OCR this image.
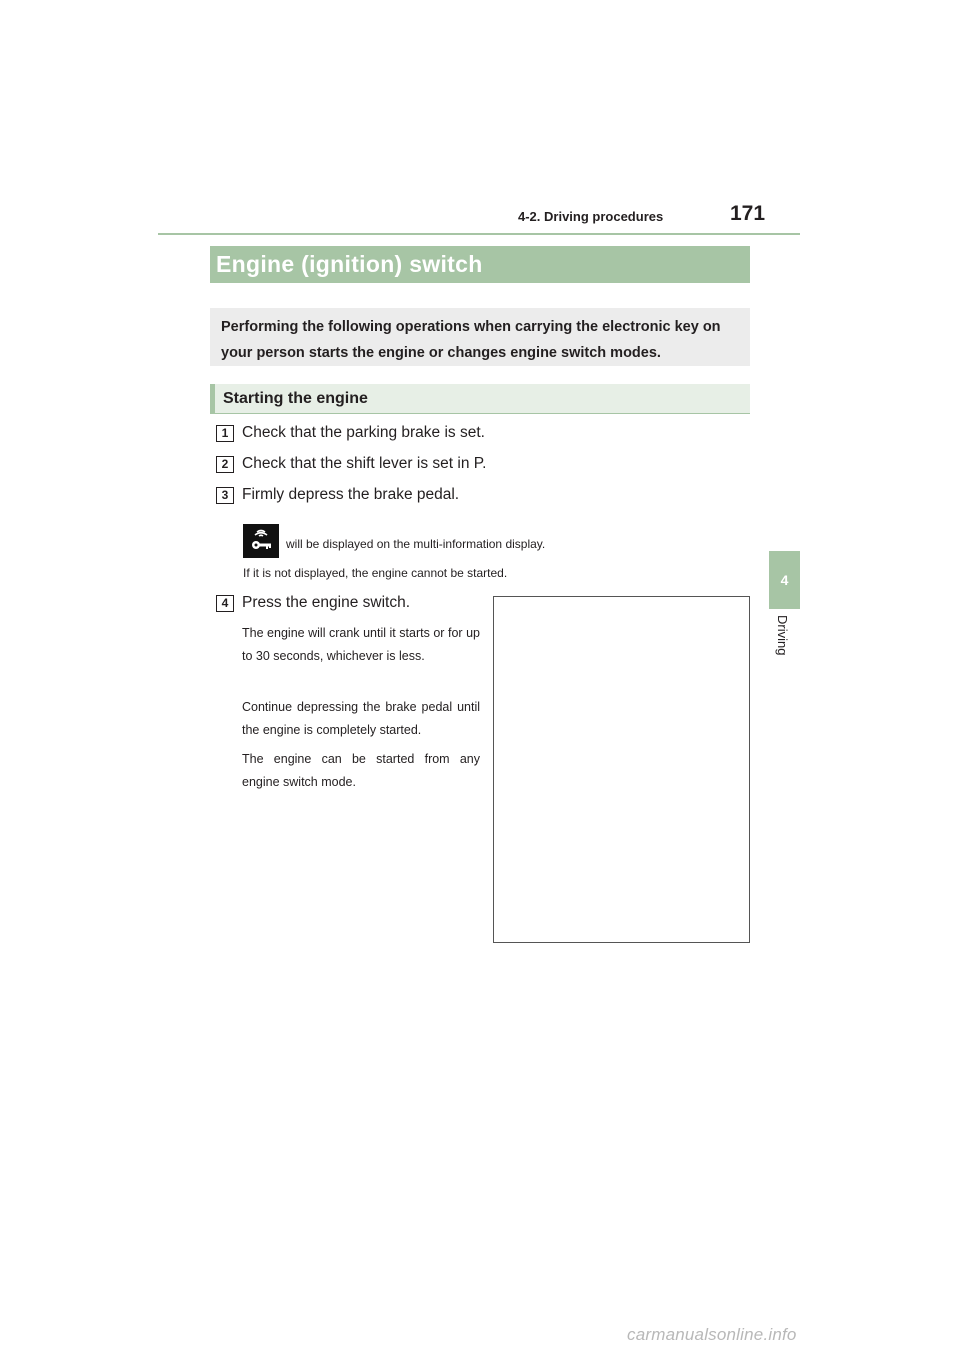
4-2. Driving procedures	171
4
Driving
Engine (ignition) switch
Performing the following operations when carrying the electronic key on your person starts the engine or changes engine switch modes.
Starting the engine
1 Check that the parking brake is set.
2 Check that the shift lever is set in P.
3 Firmly depress the brake pedal.
will be displayed on the multi-information display.
If it is not displayed, the engine cannot be started.
4 Press the engine switch.
The engine will crank until it starts or for up to 30 seconds, whichever is less.
Continue depressing the brake pedal until the engine is completely started.
The engine can be started from any engine switch mode.
carmanualsonline.info
